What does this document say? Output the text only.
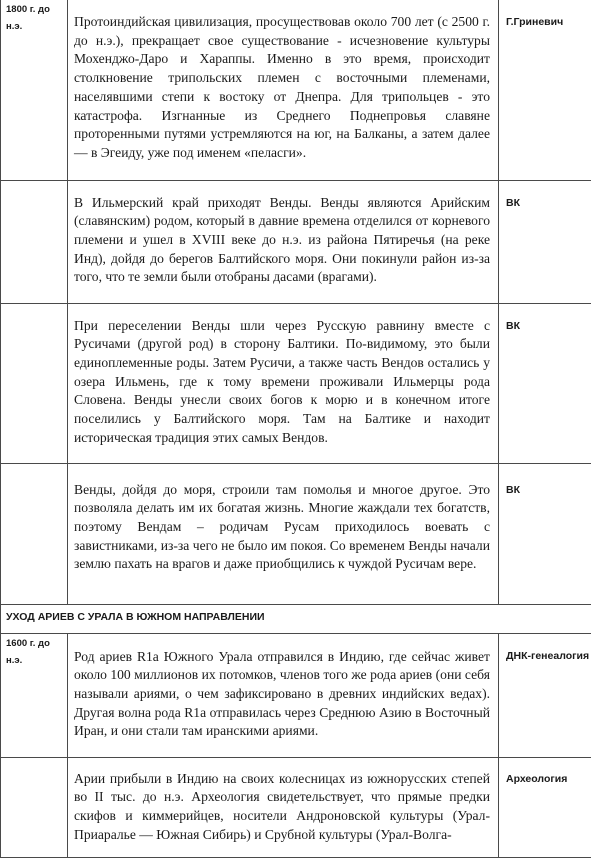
1800 г. до н.э.	Протоиндийская цивилизация, просуществовав около 700 лет (с 2500 г. до н.э.), прекращает свое существование - исчезновение культуры Мохенджо-Даро и Хараппы. Именно в это время, происходит столкновение трипольских племен с восточными племенами, населявшими степи к востоку от Днепра. Для трипольцев - это катастрофа. Изгнанные из Среднего Поднепровья славяне проторенными путями устремляются на юг, на Балканы, а затем далее — в Эгеиду, уже под именем «пеласги».	Г.Гриневич

	В Ильмерский край приходят Венды. Венды являются Арийским (славянским) родом, который в давние времена отделился от корневого племени и ушел в XVIII веке до н.э. из района Пятиречья (на реке Инд), дойдя до берегов Балтийского моря. Они покинули район из-за того, что те земли были отобраны дасами (врагами).	ВК

	При переселении Венды шли через Русскую равнину вместе с Русичами (другой род) в сторону Балтики. По-видимому, это были единоплеменные роды. Затем Русичи, а также часть Вендов остались у озера Ильмень, где к тому времени проживали Ильмерцы рода Словена. Венды унесли своих богов к морю и в конечном итоге поселились у Балтийского моря. Там на Балтике и находит историческая традиция этих самых Вендов.	ВК

	Венды, дойдя до моря, строили там помолья и многое другое. Это позволяла делать им их богатая жизнь. Многие жаждали тех богатств, поэтому Вендам – родичам Русам приходилось воевать с завистниками, из-за чего не было им покоя. Со временем Венды начали землю пахать на врагов и даже приобщились к чуждой Русичам вере.	ВК

УХОД АРИЕВ С УРАЛА В ЮЖНОМ НАПРАВЛЕНИИ		

1600 г. до н.э.	Род ариев R1a Южного Урала отправился в Индию, где сейчас живет около 100 миллионов их потомков, членов того же рода ариев (они себя называли ариями, о чем зафиксировано в древних индийских ведах). Другая волна рода R1a отправилась через Среднюю Азию в Восточный Иран, и они стали там иранскими ариями.	ДНК-генеалогия

	Арии прибыли в Индию на своих колесницах из южнорусских степей во II тыс. до н.э. Археология свидетельствует, что прямые предки скифов и киммерийцев, носители Андроновской культуры (Урал-Приаралье — Южная Сибирь) и Срубной культуры (Урал-Волга-	Археология
